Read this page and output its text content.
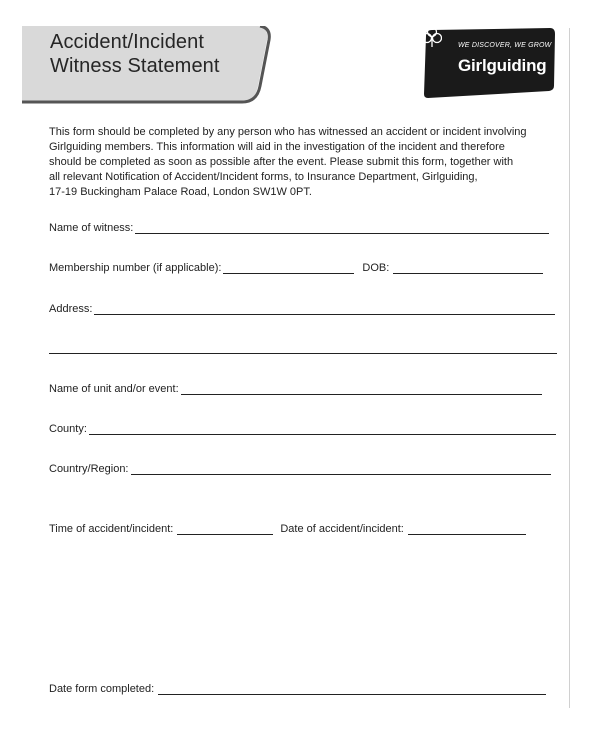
Accident/Incident
Witness Statement
WE DISCOVER, WE GROW
Girlguiding
This form should be completed by any person who has witnessed an accident or incident involving
Girlguiding members. This information will aid in the investigation of the incident and therefore
should be completed as soon as possible after the event. Please submit this form, together with
all relevant Notification of Accident/Incident forms, to Insurance Department, Girlguiding,
17-19 Buckingham Palace Road, London SW1W 0PT.
Name of witness:
Membership number (if applicable):	DOB:
Address:
Name of unit and/or event:
County:
Country/Region:
Time of accident/incident:	Date of accident/incident:
Date form completed:
